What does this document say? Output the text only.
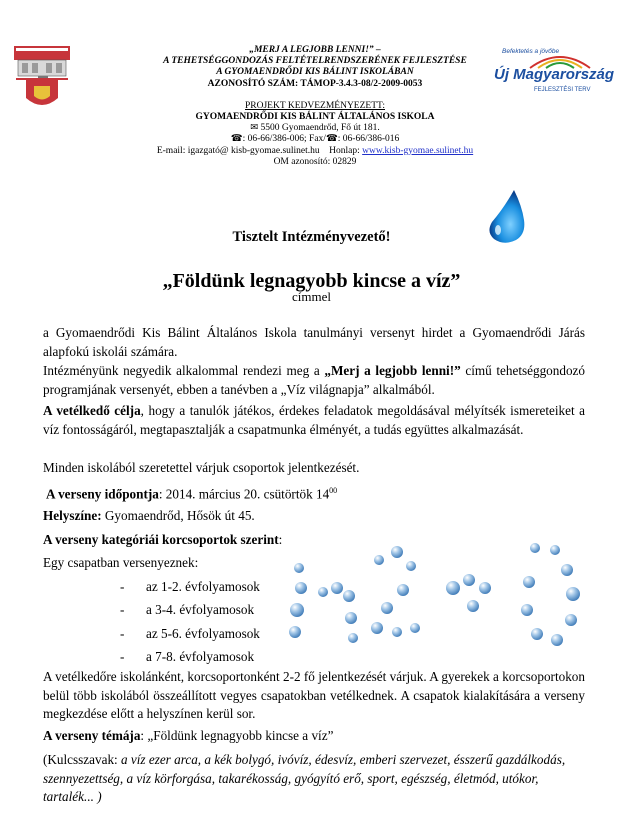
„MERJ A LEGJOBB LENNI!” –
A TEHETSÉGGONDOZÁS FELTÉTELRENDSZERÉNEK FEJLESZTÉSE
A GYOMAENDRŐDI KIS BÁLINT ISKOLÁBAN
AZONOSÍTÓ SZÁM: TÁMOP-3.4.3-08/2-2009-0053
PROJEKT KEDVEZMÉNYEZETT:
GYOMAENDRŐDI KIS BÁLINT ÁLTALÁNOS ISKOLA
✉ 5500 Gyomaendrőd, Fő út 181.
☎: 06-66/386-006; Fax/☎: 06-66/386-016
E-mail: igazgató@ kisb-gyomae.sulinet.hu Honlap: www.kisb-gyomae.sulinet.hu
OM azonosító: 02829
Befektetés a jövőbe
Új Magyarország
FEJLESZTÉSI TERV
Tisztelt Intézményvezető!
„Földünk legnagyobb kincse a víz”
címmel
a Gyomaendrődi Kis Bálint Általános Iskola tanulmányi versenyt hirdet a Gyomaendrődi Járás alapfokú iskolái számára.
Intézményünk negyedik alkalommal rendezi meg a „Merj a legjobb lenni!” című tehetséggondozó programjának versenyét, ebben a tanévben a „Víz világnapja” alkalmából.
A vetélkedő célja, hogy a tanulók játékos, érdekes feladatok megoldásával mélyítsék ismereteiket a víz fontosságáról, megtapasztalják a csapatmunka élményét, a tudás együttes alkalmazását.
Minden iskolából szeretettel várjuk csoportok jelentkezését.
A verseny időpontja: 2014. március 20. csütörtök $14^{00}$
Helyszíne: Gyomaendrőd, Hősök út 45.
A verseny kategóriái korcsoportok szerint:
Egy csapatban versenyeznek:
- az 1-2. évfolyamosok
- a 3-4. évfolyamosok
- az 5-6. évfolyamosok
- a 7-8. évfolyamosok
A vetélkedőre iskolánként, korcsoportonként 2-2 fő jelentkezését várjuk. A gyerekek a korcsoportokon belül több iskolából összeállított vegyes csapatokban vetélkednek. A csapatok kialakítására a verseny megkezdése előtt a helyszínen kerül sor.
A verseny témája: „Földünk legnagyobb kincse a víz”
(Kulcsszavak: a víz ezer arca, a kék bolygó, ivóvíz, édesvíz, emberi szervezet, ésszerű gazdálkodás, szennyezettség, a víz körforgása, takarékosság, gyógyító erő, sport, egészség, életmód, utókor, tartalék... )
